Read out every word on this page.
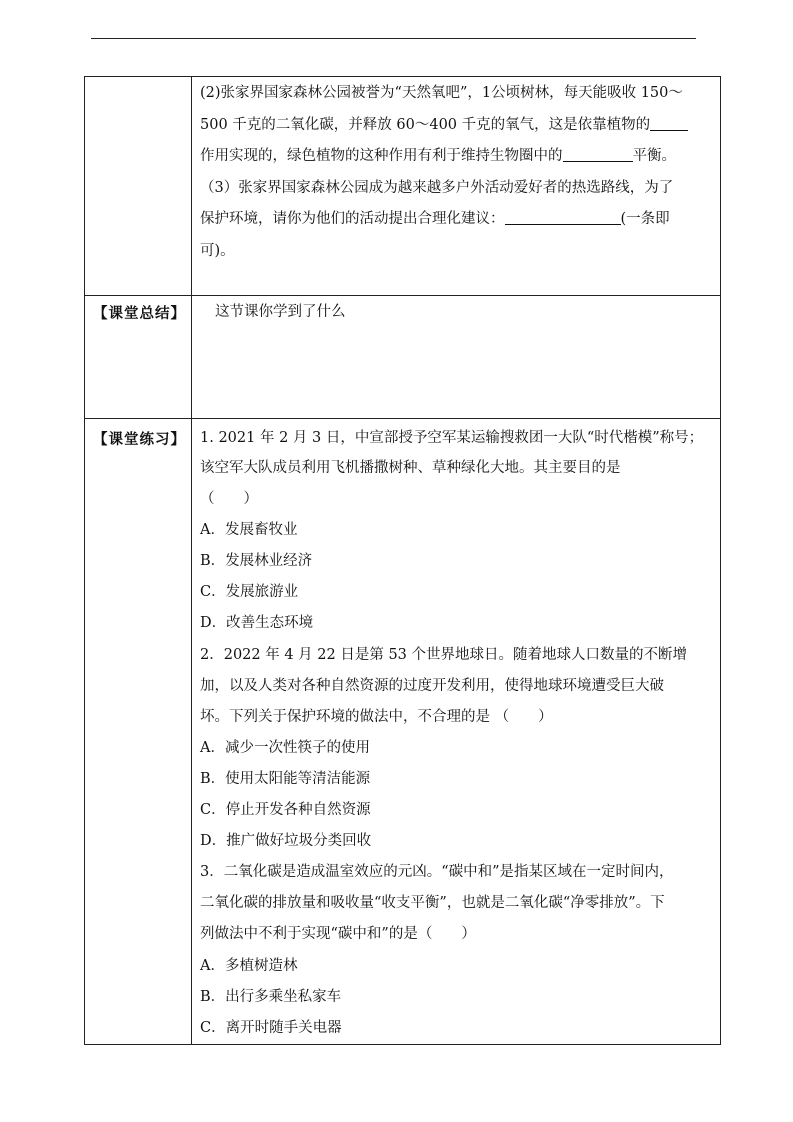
(2)张家界国家森林公园被誉为“天然氧吧”，1公顷树林，每天能吸收 150～
500 千克的二氧化碳，并释放 60～400 千克的氧气，这是依靠植物的
作用实现的，绿色植物的这种作用有利于维持生物圈中的	平衡。
（3）张家界国家森林公园成为越来越多户外活动爱好者的热选路线，为了
保护环境，请你为他们的活动提出合理化建议：	(一条即
可)。
【课堂总结】 这节课你学到了什么
【课堂练习】 1. 2021 年 2 月 3 日，中宣部授予空军某运输搜救团一大队“时代楷模”称号；
该空军大队成员利用飞机播撒树种、草种绿化大地。其主要目的是
（　　）
A．发展畜牧业
B．发展林业经济
C．发展旅游业
D．改善生态环境
2．2022 年 4 月 22 日是第 53 个世界地球日。随着地球人口数量的不断增
加，以及人类对各种自然资源的过度开发利用，使得地球环境遭受巨大破
坏。下列关于保护环境的做法中，不合理的是 （　　）
A．减少一次性筷子的使用
B．使用太阳能等清洁能源
C．停止开发各种自然资源
D．推广做好垃圾分类回收
3．二氧化碳是造成温室效应的元凶。“碳中和”是指某区域在一定时间内，
二氧化碳的排放量和吸收量“收支平衡”，也就是二氧化碳“净零排放”。下
列做法中不利于实现“碳中和”的是（　　）
A．多植树造林
B．出行多乘坐私家车
C．离开时随手关电器
